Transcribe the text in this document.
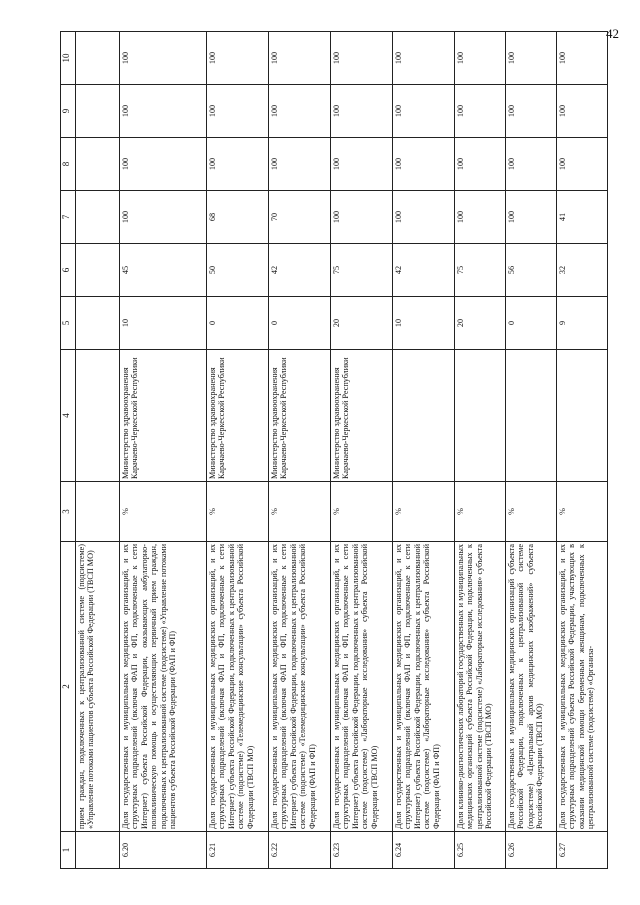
42
1	2	3	4	5	6	7	8	9	10
	прием граждан, подключенных к централизованной системе (подсистеме) «Управление потоками пациентов субъекта Российской Федерации (ТВСП МО)								
6.20	Доля государственных и муниципальных медицинских организаций, и их структурных подразделений (включая ФАП и ФП, подключенные к сети Интернет) субъекта Российской Федерации, оказывающих амбулаторно-поликлиническую помощь и осуществляющих первичный прием граждан, подключенных к централизованной системе (подсистеме) «Управление потоками пациентов субъекта Российской Федерации (ФАП и ФП)	%	Министерство здравоохранения Карачаево-Черкесской Республики	10	45	100	100	100	100
6.21	Доля государственных и муниципальных медицинских организаций, и их структурных подразделений (включая ФАП и ФП, подключенные к сети Интернет) субъекта Российской Федерации, подключенных к централизованной системе (подсистеме) «Телемедицинские консультации» субъекта Российской Федерации (ТВСП МО)	%	Министерство здравоохранения Карачаево-Черкесской Республики	0	50	68	100	100	100
6.22	Доля государственных и муниципальных медицинских организаций, и их структурных подразделений (включая ФАП и ФП, подключенные к сети Интернет) субъекта Российской Федерации, подключенных к централизованной системе (подсистеме) «Телемедицинские консультации» субъекта Российской Федерации (ФАП и ФП)	%	Министерство здравоохранения Карачаево-Черкесской Республики	0	42	70	100	100	100
6.23	Доля государственных и муниципальных медицинских организаций, и их структурных подразделений (включая ФАП и ФП, подключенные к сети Интернет) субъекта Российской Федерации, подключенных к централизованной системе (подсистеме) «Лабораторные исследования» субъекта Российской Федерации (ТВСП МО)	%	Министерство здравоохранения Карачаево-Черкесской Республики	20	75	100	100	100	100
6.24	Доля государственных и муниципальных медицинских организаций, и их структурных подразделений (включая ФАП и ФП, подключенные к сети Интернет) субъекта Российской Федерации, подключенных к централизованной системе (подсистеме) «Лабораторные исследования» субъекта Российской Федерации (ФАП и ФП)	%		10	42	100	100	100	100
6.25	Доля клинико-диагностических лабораторий государственных и муниципальных медицинских организаций субъекта Российской Федерации, подключенных к централизованной системе (подсистеме) «Лабораторные исследования» субъекта Российской Федерации (ТВСП МО)	%		20	75	100	100	100	100
6.26	Доля государственных и муниципальных медицинских организаций субъекта Российской Федерации, подключенных к централизованной системе (подсистеме) «Центральный архив медицинских изображений» субъекта Российской Федерации (ТВСП МО)	%		0	56	100	100	100	100
6.27	Доля государственных и муниципальных медицинских организаций, и их структурных подразделений субъекта Российской Федерации, участвующих в оказании медицинской помощи беременным женщинам, подключенных к централизованной системе (подсистеме) «Организа-	%		9	32	41	100	100	100
